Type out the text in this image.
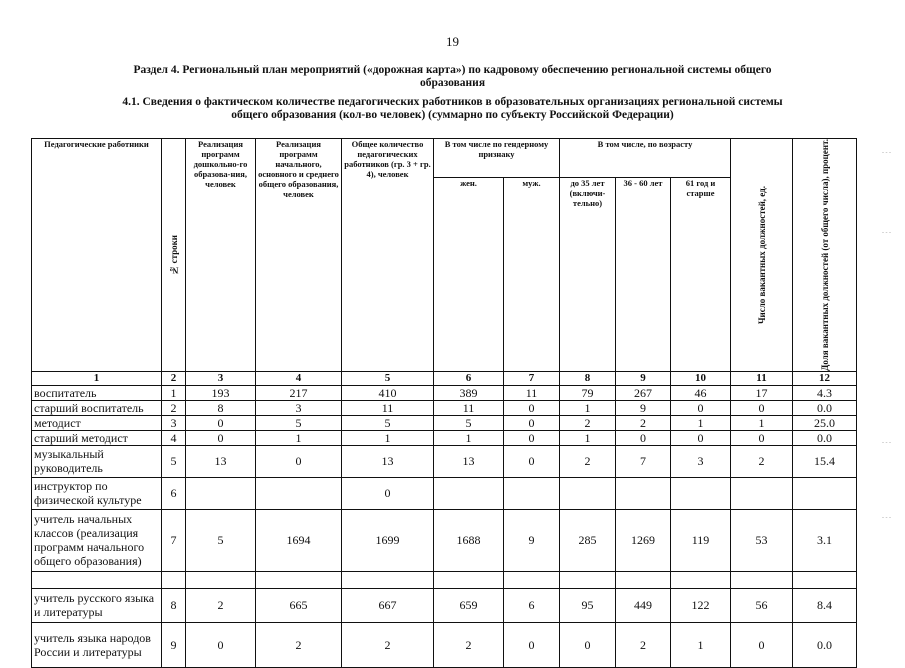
19
Раздел 4. Региональный план мероприятий («дорожная карта») по кадровому обеспечению региональной системы общего
образования
4.1. Сведения о фактическом количестве педагогических работников в образовательных организациях региональной системы
общего образования (кол-во человек) (суммарно по субъекту Российской Федерации)
Педагогические работники	№ строки	Реализация программ дошкольно-го образова-ния, человек	Реализация программ начального, основного и среднего общего образования, человек	Общее количество педагогических работников (гр. 3 + гр. 4), человек	В том числе по гендерному признаку		В том числе, по возрасту			Число вакантных должностей, ед.	Доля вакантных должностей (от общего числа), процент.

					жен.	муж.	до 35 лет (включи-тельно)	36 - 60 лет	61 год и старше		
1	2	3	4	5	6	7	8	9	10	11	12
воспитатель	1	193	217	410	389	11	79	267	46	17	4.3
старший воспитатель	2	8	3	11	11	0	1	9	0	0	0.0
методист	3	0	5	5	5	0	2	2	1	1	25.0
старший методист	4	0	1	1	1	0	1	0	0	0	0.0
музыкальный руководитель	5	13	0	13	13	0	2	7	3	2	15.4
инструктор по физической культуре	6			0							
учитель начальных классов (реализация программ начального общего образования)	7	5	1694	1699	1688	9	285	1269	119	53	3.1

учитель русского языка и литературы	8	2	665	667	659	6	95	449	122	56	8.4
учитель языка народов России и литературы	9	0	2	2	2	0	0	2	1	0	0.0
- - -
- - -
- - -
- - -
